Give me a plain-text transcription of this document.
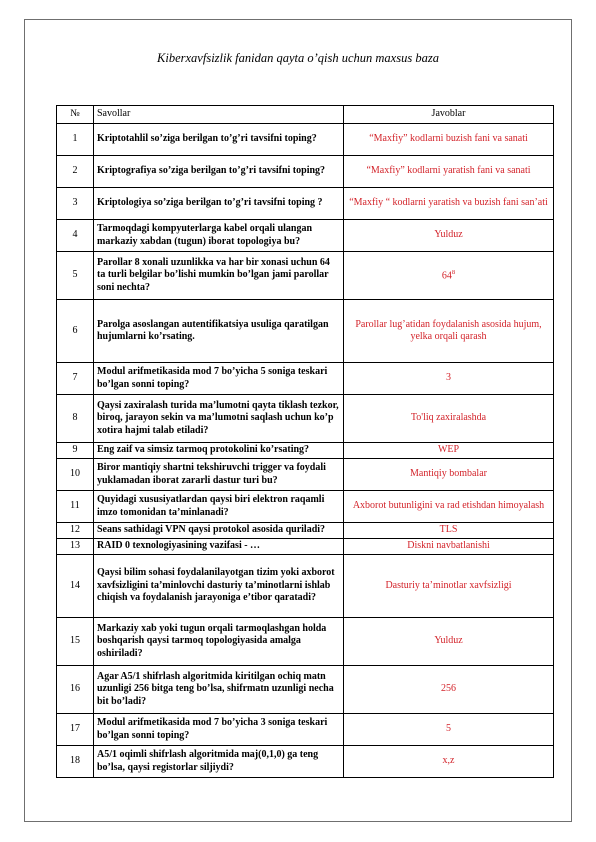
Kiberxavfsizlik fanidan qayta o’qish uchun maxsus baza
№	Savollar	Javoblar
1	Kriptotahlil so’ziga berilgan to’g’ri tavsifni toping?	“Maxfiy” kodlarni buzish fani va sanati
2	Kriptografiya so’ziga berilgan to’g’ri tavsifni toping?	“Maxfiy” kodlarni yaratish fani va sanati
3	Kriptologiya so’ziga berilgan to’g’ri tavsifni toping ?	“Maxfiy “ kodlarni yaratish va buzish fani san’ati
4	Tarmoqdagi kompyuterlarga kabel orqali ulangan markaziy xabdan (tugun) iborat topologiya bu?	Yulduz
5	Parollar 8 xonali uzunlikka va har bir xonasi uchun 64 ta turli belgilar bo’lishi mumkin bo’lgan jami parollar soni nechta?	$64^8$
6	Parolga asoslangan autentifikatsiya usuliga qaratilgan hujumlarni ko’rsating.	Parollar lug’atidan foydalanish asosida hujum, yelka orqali qarash
7	Modul arifmetikasida mod 7 bo’yicha 5 soniga teskari bo’lgan sonni toping?	3
8	Qaysi zaxiralash turida ma’lumotni qayta tiklash tezkor, biroq, jarayon sekin va ma’lumotni saqlash uchun ko’p xotira hajmi talab etiladi?	To'liq zaxiralashda
9	Eng zaif va simsiz tarmoq protokolini ko’rsating?	WEP
10	Biror mantiqiy shartni tekshiruvchi trigger va foydali yuklamadan iborat zararli dastur turi bu?	Mantiqiy bombalar
11	Quyidagi xususiyatlardan qaysi biri elektron raqamli imzo tomonidan ta’minlanadi?	Axborot butunligini va rad etishdan himoyalash
12	Seans sathidagi VPN qaysi protokol asosida quriladi?	TLS
13	RAID 0 texnologiyasining vazifasi - …	Diskni navbatlanishi
14	Qaysi bilim sohasi foydalanilayotgan tizim yoki axborot xavfsizligini ta’minlovchi dasturiy ta’minotlarni ishlab chiqish va foydalanish jarayoniga e’tibor qaratadi?	Dasturiy ta’minotlar xavfsizligi
15	Markaziy xab yoki tugun orqali tarmoqlashgan holda boshqarish qaysi tarmoq topologiyasida amalga oshiriladi?	Yulduz
16	Agar A5/1 shifrlash algoritmida kiritilgan ochiq matn uzunligi 256 bitga teng bo’lsa, shifrmatn uzunligi necha bit bo’ladi?	256
17	Modul arifmetikasida mod 7 bo’yicha 3 soniga teskari bo’lgan sonni toping?	5
18	A5/1 oqimli shifrlash algoritmida maj(0,1,0) ga teng bo’lsa, qaysi registorlar siljiydi?	x,z
